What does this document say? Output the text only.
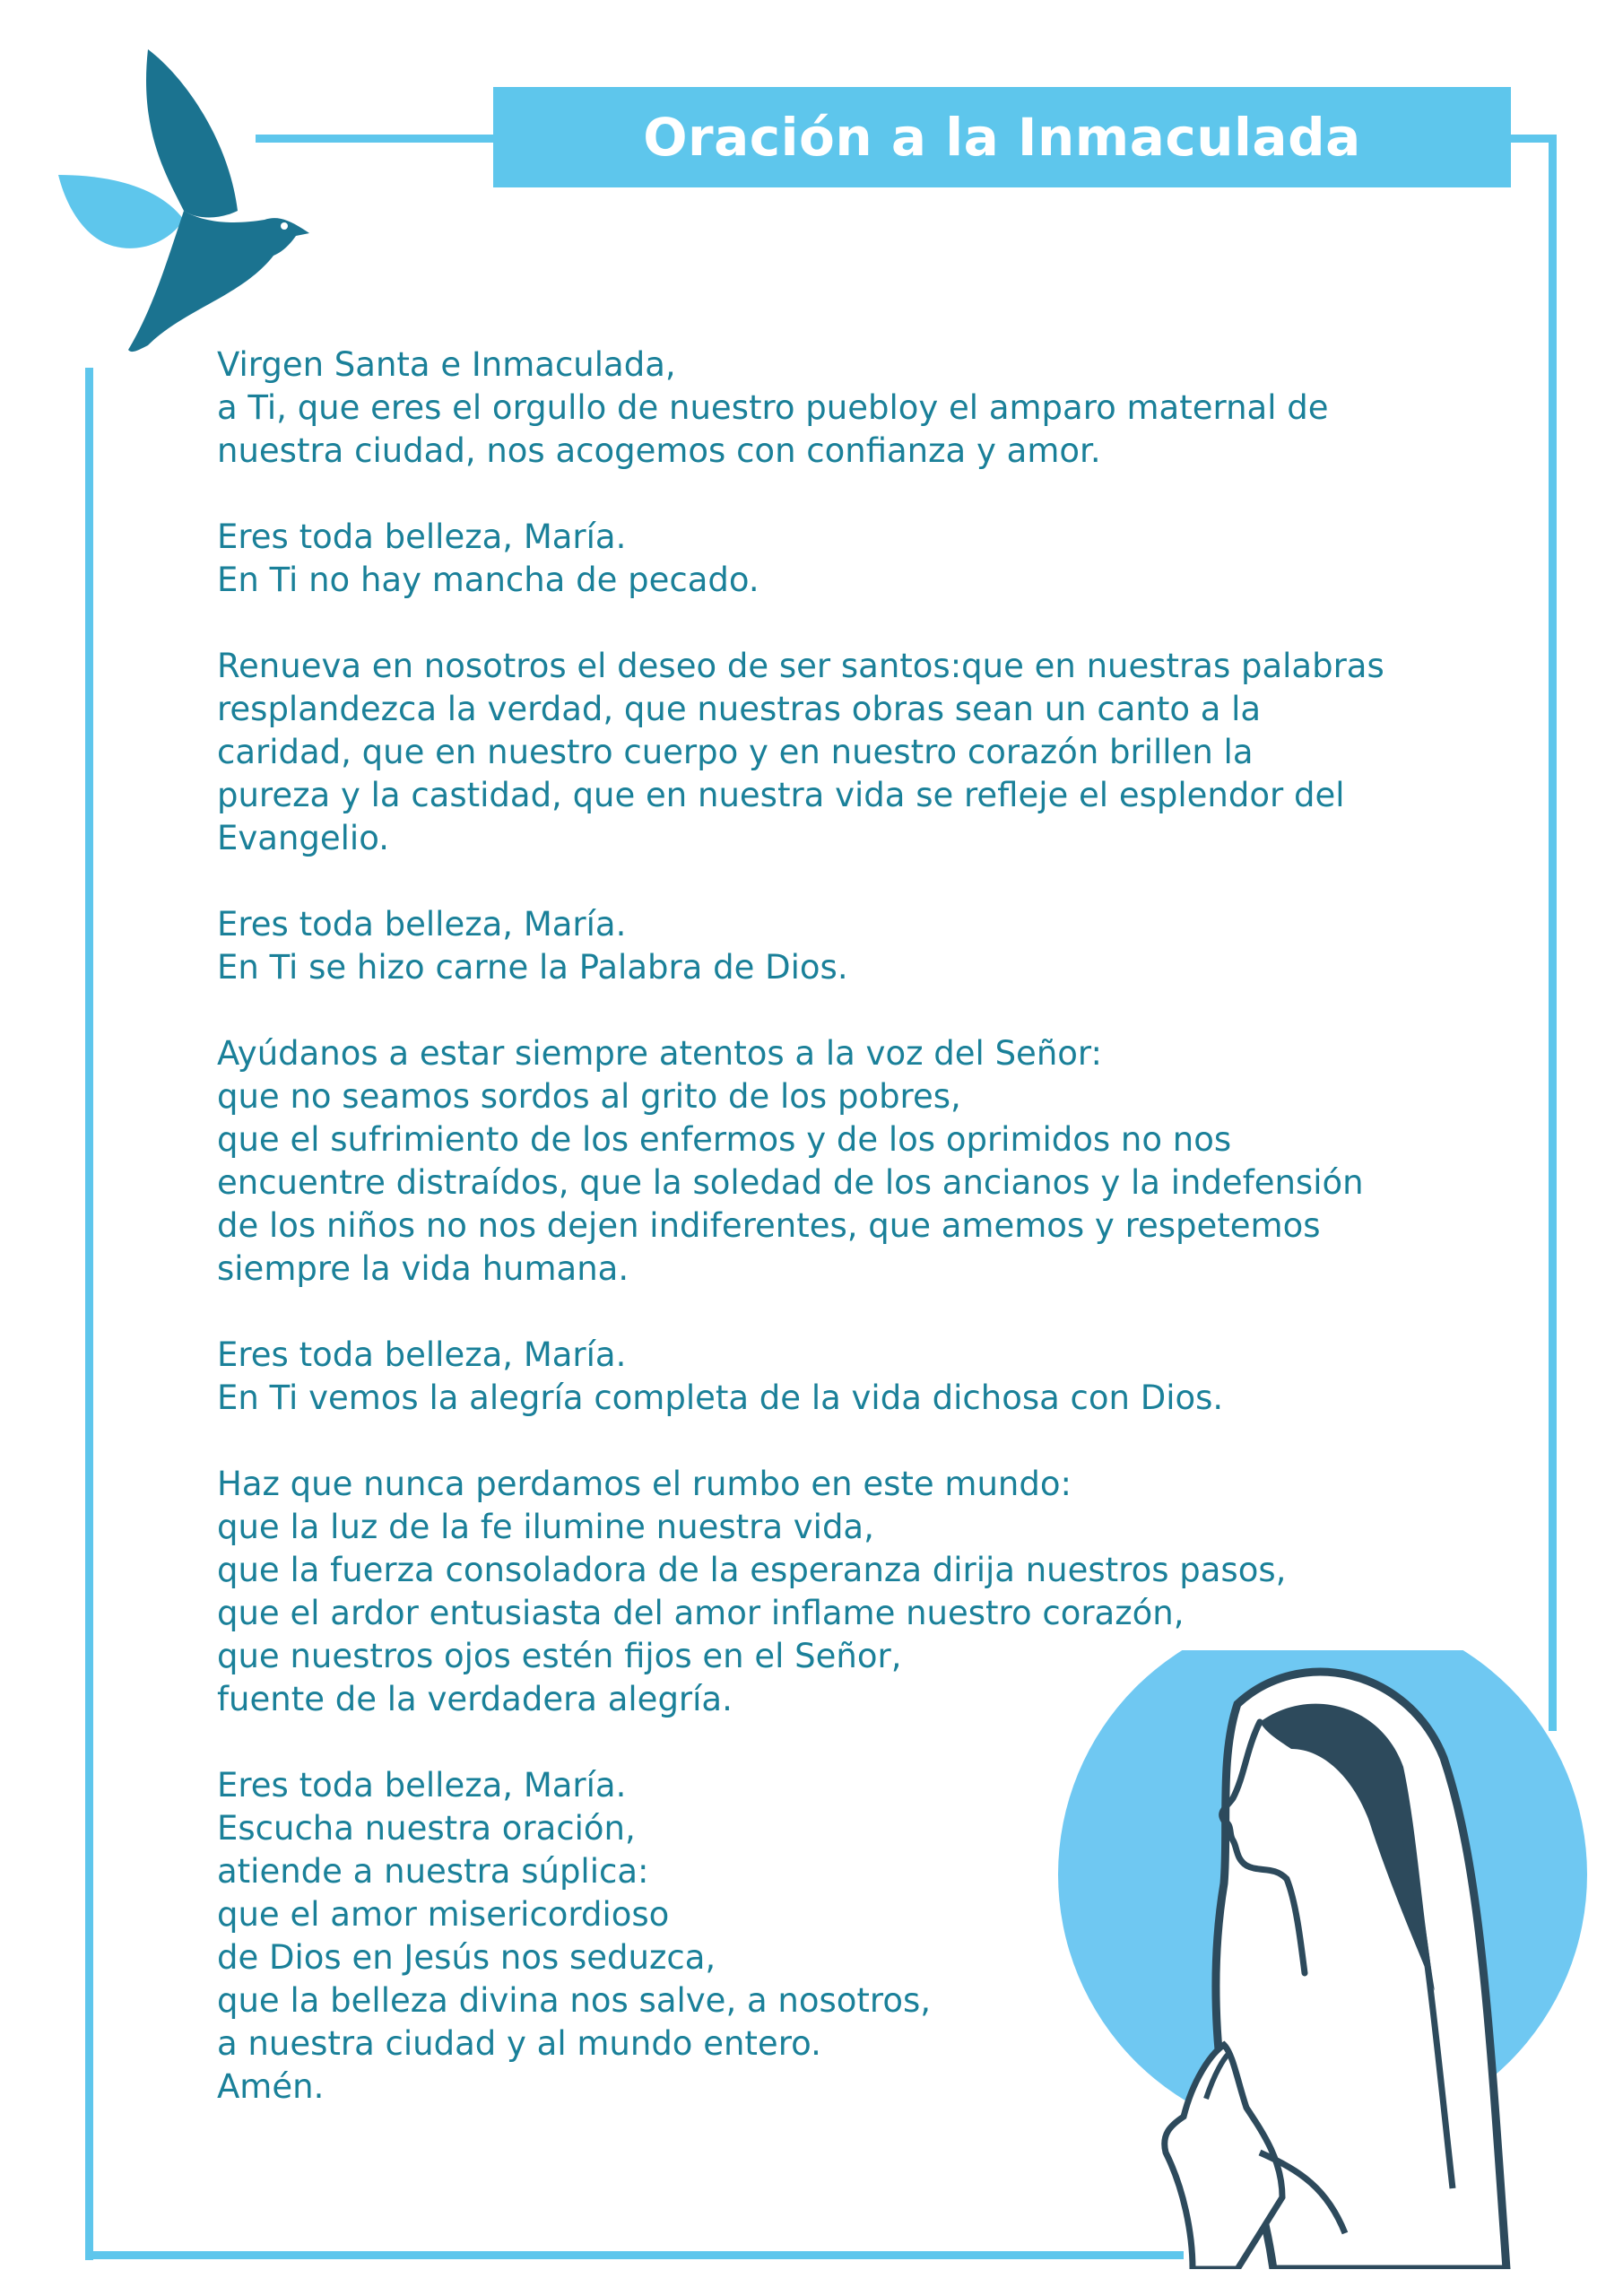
Oración a la Inmaculada
Virgen Santa e Inmaculada,
a Ti, que eres el orgullo de nuestro puebloy el amparo maternal de
nuestra ciudad, nos acogemos con confianza y amor.
Eres toda belleza, María.
En Ti no hay mancha de pecado.
Renueva en nosotros el deseo de ser santos:que en nuestras palabras
resplandezca la verdad, que nuestras obras sean un canto a la
caridad, que en nuestro cuerpo y en nuestro corazón brillen la
pureza y la castidad, que en nuestra vida se refleje el esplendor del
Evangelio.
Eres toda belleza, María.
En Ti se hizo carne la Palabra de Dios.
Ayúdanos a estar siempre atentos a la voz del Señor:
que no seamos sordos al grito de los pobres,
que el sufrimiento de los enfermos y de los oprimidos no nos
encuentre distraídos, que la soledad de los ancianos y la indefensión
de los niños no nos dejen indiferentes, que amemos y respetemos
siempre la vida humana.
Eres toda belleza, María.
En Ti vemos la alegría completa de la vida dichosa con Dios.
Haz que nunca perdamos el rumbo en este mundo:
que la luz de la fe ilumine nuestra vida,
que la fuerza consoladora de la esperanza dirija nuestros pasos,
que el ardor entusiasta del amor inflame nuestro corazón,
que nuestros ojos estén fijos en el Señor,
fuente de la verdadera alegría.
Eres toda belleza, María.
Escucha nuestra oración,
atiende a nuestra súplica:
que el amor misericordioso
de Dios en Jesús nos seduzca,
que la belleza divina nos salve, a nosotros,
a nuestra ciudad y al mundo entero.
Amén.
